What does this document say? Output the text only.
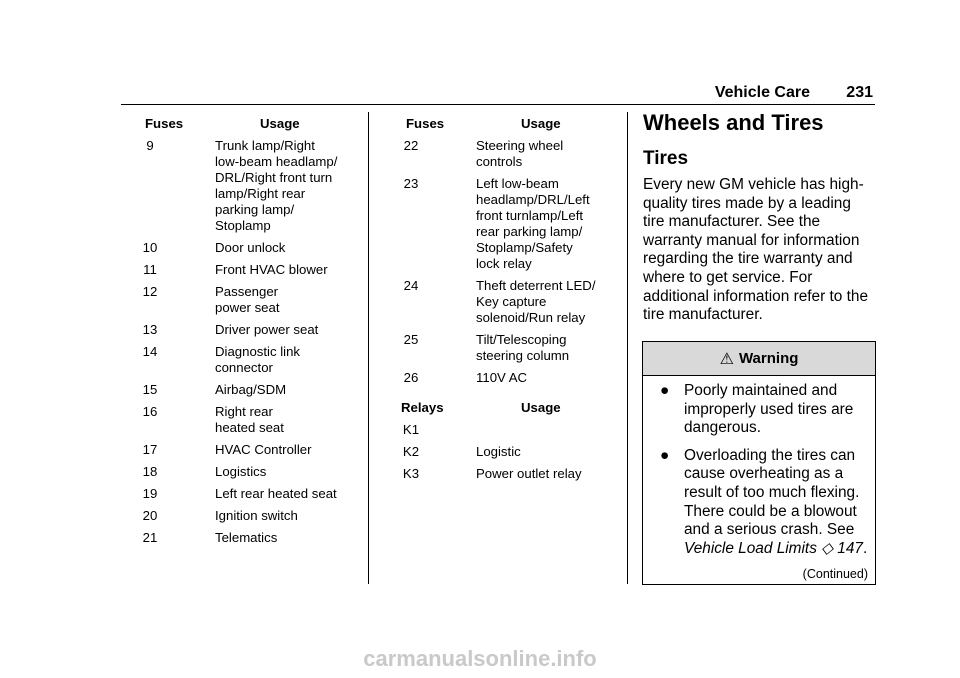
Vehicle Care 231
Fuses	Usage
9	Trunk lamp/Right
low-beam headlamp/
DRL/Right front turn
lamp/Right rear
parking lamp/
Stoplamp
10	Door unlock
11	Front HVAC blower
12	Passenger
power seat
13	Driver power seat
14	Diagnostic link
connector
15	Airbag/SDM
16	Right rear
heated seat
17	HVAC Controller
18	Logistics
19	Left rear heated seat
20	Ignition switch
21	Telematics
Fuses	Usage
22	Steering wheel
controls
23	Left low-beam
headlamp/DRL/Left
front turnlamp/Left
rear parking lamp/
Stoplamp/Safety
lock relay
24	Theft deterrent LED/
Key capture
solenoid/Run relay
25	Tilt/Telescoping
steering column
26	110V AC
Relays	Usage
K1
K2	Logistic
K3	Power outlet relay
Wheels and Tires
Tires
Every new GM vehicle has high-quality tires made by a leading tire manufacturer. See the warranty manual for information regarding the tire warranty and where to get service. For additional information refer to the tire manufacturer.
⚠ Warning
● Poorly maintained and improperly used tires are dangerous.
● Overloading the tires can cause overheating as a result of too much flexing. There could be a blowout and a serious crash. See Vehicle Load Limits ◇ 147.
(Continued)
carmanualsonline.info
